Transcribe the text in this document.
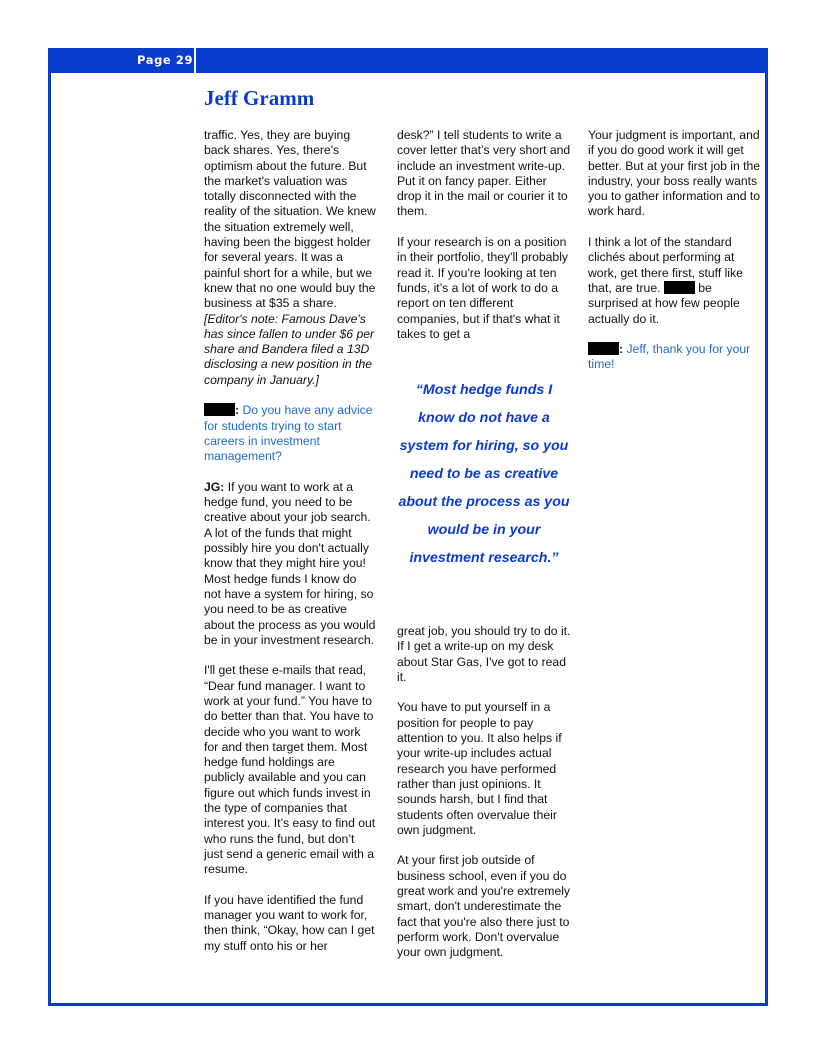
Page 29
Jeff Gramm

traffic. Yes, they are buying back shares. Yes, there's optimism about the future. But the market's valuation was totally disconnected with the reality of the situation. We knew the situation extremely well, having been the biggest holder for several years. It was a painful short for a while, but we knew that no one would buy the business at $35 a share. [Editor's note: Famous Dave's has since fallen to under $6 per share and Bandera filed a 13D disclosing a new position in the company in January.]

: Do you have any advice for students trying to start careers in investment management?

JG: If you want to work at a hedge fund, you need to be creative about your job search. A lot of the funds that might possibly hire you don't actually know that they might hire you! Most hedge funds I know do not have a system for hiring, so you need to be as creative about the process as you would be in your investment research.

I'll get these e-mails that read, “Dear fund manager. I want to work at your fund.” You have to do better than that. You have to decide who you want to work for and then target them. Most hedge fund holdings are publicly available and you can figure out which funds invest in the type of companies that interest you. It’s easy to find out who runs the fund, but don’t just send a generic email with a resume.

If you have identified the fund manager you want to work for, then think, “Okay, how can I get my stuff onto his or her

desk?” I tell students to write a cover letter that’s very short and include an investment write-up. Put it on fancy paper. Either drop it in the mail or courier it to them.

If your research is on a position in their portfolio, they'll probably read it. If you're looking at ten funds, it’s a lot of work to do a report on ten different companies, but if that's what it takes to get a

“Most hedge funds I know do not have a system for hiring, so you need to be as creative about the process as you would be in your investment research.”

great job, you should try to do it. If I get a write-up on my desk about Star Gas, I've got to read it.

You have to put yourself in a position for people to pay attention to you. It also helps if your write-up includes actual research you have performed rather than just opinions. It sounds harsh, but I find that students often overvalue their own judgment.

At your first job outside of business school, even if you do great work and you're extremely smart, don't underestimate the fact that you're also there just to perform work. Don't overvalue your own judgment.

Your judgment is important, and if you do good work it will get better. But at your first job in the industry, your boss really wants you to gather information and to work hard.

I think a lot of the standard clichés about performing at work, get there first, stuff like that, are true.	be surprised at how few people actually do it.

: Jeff, thank you for your time!
